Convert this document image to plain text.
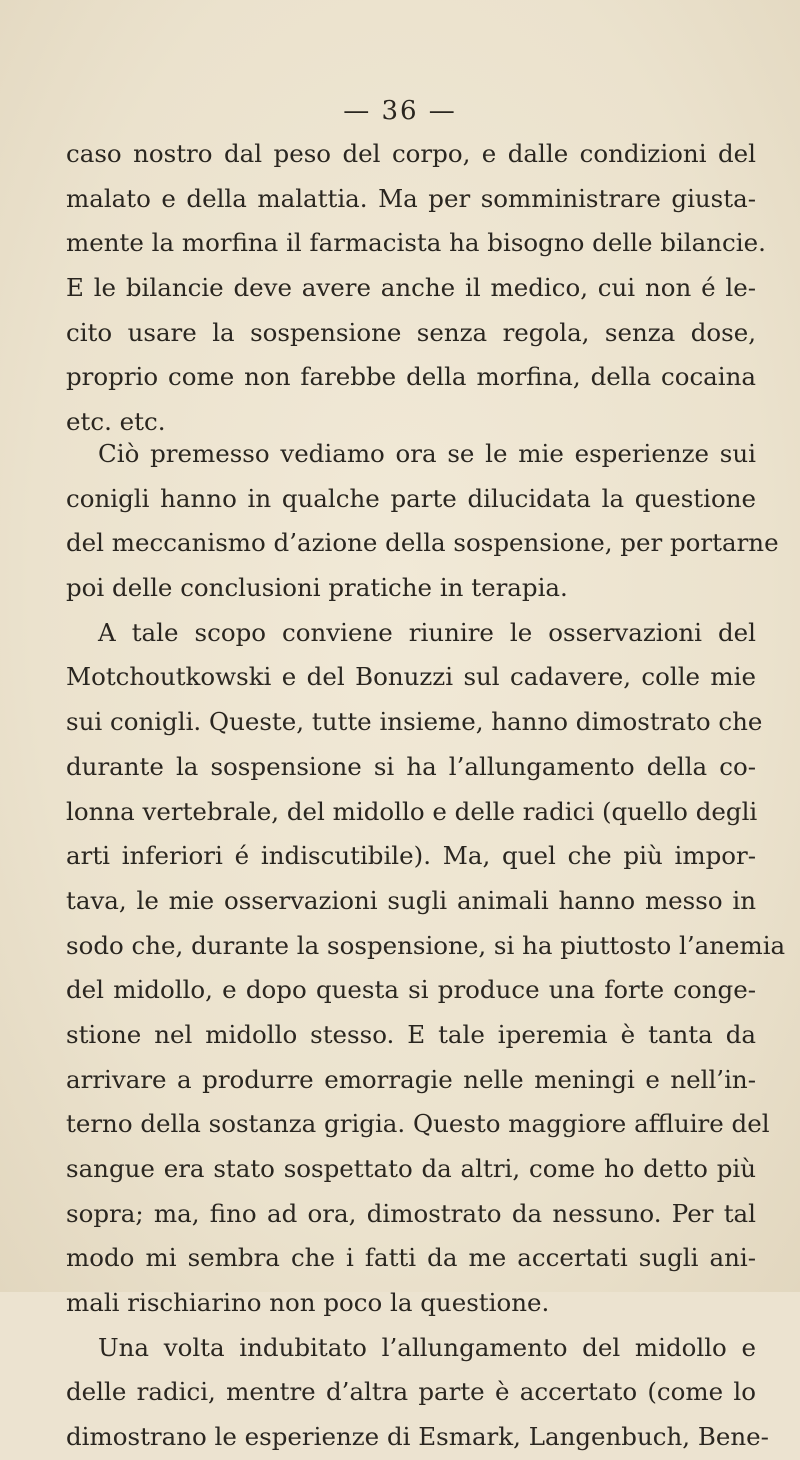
— 36 —
caso nostro dal peso del corpo, e dalle condizioni del
malato e della malattia. Ma per somministrare giusta-
mente la morfina il farmacista ha bisogno delle bilancie.
E le bilancie deve avere anche il medico, cui non é le-
cito usare la sospensione senza regola, senza dose,
proprio come non farebbe della morfina, della cocaina
etc. etc.
Ciò premesso vediamo ora se le mie esperienze sui
conigli hanno in qualche parte dilucidata la questione
del meccanismo d’azione della sospensione, per portarne
poi delle conclusioni pratiche in terapia.
A tale scopo conviene riunire le osservazioni del
Motchoutkowski e del Bonuzzi sul cadavere, colle mie
sui conigli. Queste, tutte insieme, hanno dimostrato che
durante la sospensione si ha l’allungamento della co-
lonna vertebrale, del midollo e delle radici (quello degli
arti inferiori é indiscutibile). Ma, quel che più impor-
tava, le mie osservazioni sugli animali hanno messo in
sodo che, durante la sospensione, si ha piuttosto l’anemia
del midollo, e dopo questa si produce una forte conge-
stione nel midollo stesso. E tale iperemia è tanta da
arrivare a produrre emorragie nelle meningi e nell’in-
terno della sostanza grigia. Questo maggiore affluire del
sangue era stato sospettato da altri, come ho detto più
sopra; ma, fino ad ora, dimostrato da nessuno. Per tal
modo mi sembra che i fatti da me accertati sugli ani-
mali rischiarino non poco la questione.
Una volta indubitato l’allungamento del midollo e
delle radici, mentre d’altra parte è accertato (come lo
dimostrano le esperienze di Esmark, Langenbuch, Bene-
